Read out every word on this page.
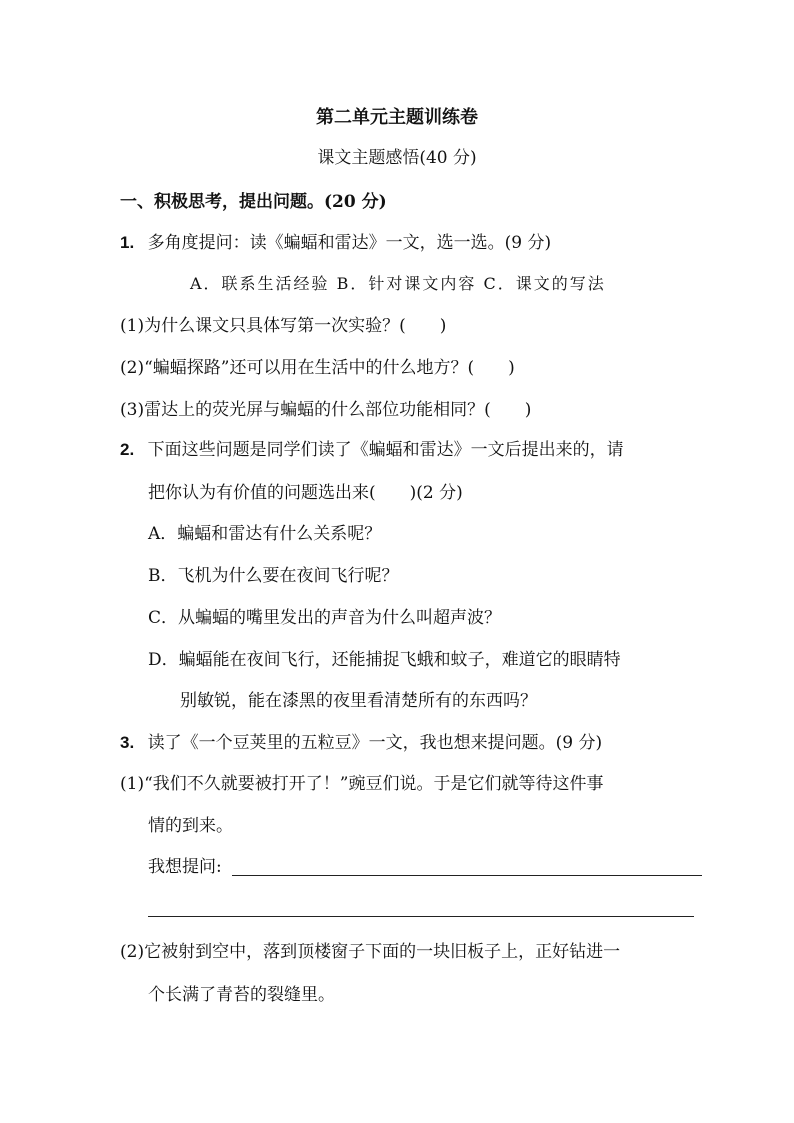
第二单元主题训练卷
课文主题感悟(40 分)
一、积极思考，提出问题。(20 分)
1. 多角度提问：读《蝙蝠和雷达》一文，选一选。(9 分)
A．联系生活经验 B．针对课文内容 C．课文的写法
(1)为什么课文只具体写第一次实验？(　　)
(2)“蝙蝠探路”还可以用在生活中的什么地方？(　　)
(3)雷达上的荧光屏与蝙蝠的什么部位功能相同？(　　)
2. 下面这些问题是同学们读了《蝙蝠和雷达》一文后提出来的，请
把你认为有价值的问题选出来(　　)(2 分)
A．蝙蝠和雷达有什么关系呢？
B．飞机为什么要在夜间飞行呢？
C．从蝙蝠的嘴里发出的声音为什么叫超声波？
D．蝙蝠能在夜间飞行，还能捕捉飞蛾和蚊子，难道它的眼睛特
别敏锐，能在漆黑的夜里看清楚所有的东西吗？
3. 读了《一个豆荚里的五粒豆》一文，我也想来提问题。(9 分)
(1)“我们不久就要被打开了！”豌豆们说。于是它们就等待这件事
情的到来。
我想提问:
(2)它被射到空中，落到顶楼窗子下面的一块旧板子上，正好钻进一
个长满了青苔的裂缝里。
